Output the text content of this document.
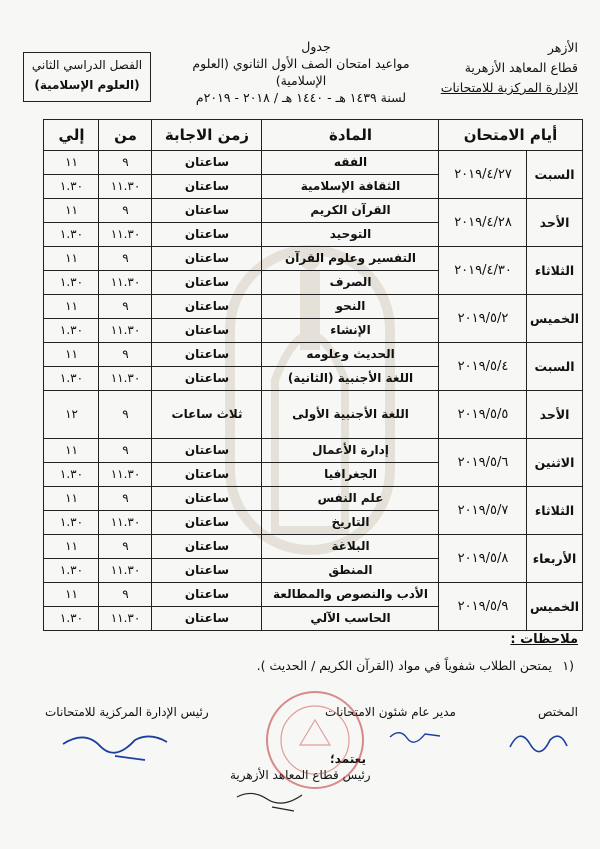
الأزهر
قطاع المعاهد الأزهرية
الإدارة المركزية للامتحانات
جدول
مواعيد امتحان الصف الأول الثانوي (العلوم الإسلامية)
لسنة ١٤٣٩ هـ - ١٤٤٠ هـ / ٢٠١٨ - ٢٠١٩م
الفصل الدراسي الثاني
(العلوم الإسلامية)
أيام الامتحان
المادة
زمن الاجابة
من
إلي
السبت
٢٠١٩/٤/٢٧
الفقه
ساعتان
٩
١١
الثقافة الإسلامية
ساعتان
١١.٣٠
١.٣٠
الأحد
٢٠١٩/٤/٢٨
القرآن الكريم
ساعتان
٩
١١
التوحيد
ساعتان
١١.٣٠
١.٣٠
الثلاثاء
٢٠١٩/٤/٣٠
التفسير وعلوم القرآن
ساعتان
٩
١١
الصرف
ساعتان
١١.٣٠
١.٣٠
الخميس
٢٠١٩/٥/٢
النحو
ساعتان
٩
١١
الإنشاء
ساعتان
١١.٣٠
١.٣٠
السبت
٢٠١٩/٥/٤
الحديث وعلومه
ساعتان
٩
١١
اللغة الأجنبية (الثانية)
ساعتان
١١.٣٠
١.٣٠
الأحد
٢٠١٩/٥/٥
اللغة الأجنبية الأولى
ثلاث ساعات
٩
١٢
الاثنين
٢٠١٩/٥/٦
إدارة الأعمال
ساعتان
٩
١١
الجغرافيا
ساعتان
١١.٣٠
١.٣٠
الثلاثاء
٢٠١٩/٥/٧
علم النفس
ساعتان
٩
١١
التاريخ
ساعتان
١١.٣٠
١.٣٠
الأربعاء
٢٠١٩/٥/٨
البلاغة
ساعتان
٩
١١
المنطق
ساعتان
١١.٣٠
١.٣٠
الخميس
٢٠١٩/٥/٩
الأدب والنصوص والمطالعة
ساعتان
٩
١١
الحاسب الآلي
ساعتان
١١.٣٠
١.٣٠
ملاحظات :
١)
يمتحن الطلاب شفوياً في مواد (القرآن الكريم / الحديث ).
المختص
مدير عام شئون الامتحانات
رئيس الإدارة المركزية للامتحانات
يعتمد؛
رئيس قطاع المعاهد الأزهرية
